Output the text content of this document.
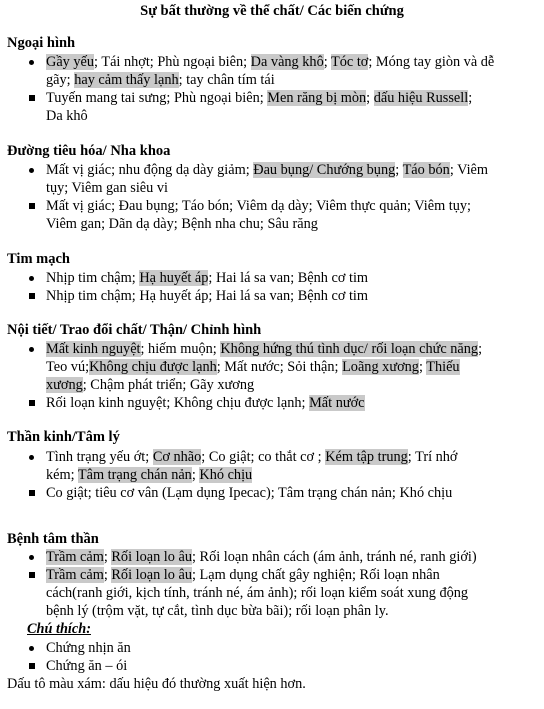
Sự bất thường về thể chất/ Các biến chứng
Ngoại hình
Gầy yếu; Tái nhợt; Phù ngoại biên; Da vàng khô; Tóc tơ; Móng tay giòn và dễ
gãy; hay cảm thấy lạnh; tay chân tím tái
Tuyến mang tai sưng; Phù ngoại biên; Men răng bị mòn; dấu hiệu Russell;
Da khô
Đường tiêu hóa/ Nha khoa
Mất vị giác; nhu động dạ dày giảm; Đau bụng/ Chướng bụng; Táo bón; Viêm
tụy; Viêm gan siêu vi
Mất vị giác; Đau bụng; Táo bón; Viêm dạ dày; Viêm thực quản; Viêm tụy;
Viêm gan; Dãn dạ dày; Bệnh nha chu; Sâu răng
Tim mạch
Nhịp tim chậm; Hạ huyết áp; Hai lá sa van; Bệnh cơ tim
Nhịp tim chậm; Hạ huyết áp; Hai lá sa van; Bệnh cơ tim
Nội tiết/ Trao đổi chất/ Thận/ Chỉnh hình
Mất kinh nguyệt; hiếm muộn; Không hứng thú tình dục/ rối loạn chức năng;
Teo vú;Không chịu được lạnh; Mất nước; Sỏi thận; Loãng xương; Thiếu
xương; Chậm phát triển; Gãy xương
Rối loạn kinh nguyệt; Không chịu được lạnh; Mất nước
Thần kinh/Tâm lý
Tình trạng yếu ớt; Cơ nhão; Co giật; co thắt cơ ; Kém tập trung; Trí nhớ
kém; Tâm trạng chán nản; Khó chịu
Co giật; tiêu cơ vân (Lạm dụng Ipecac); Tâm trạng chán nản; Khó chịu
Bệnh tâm thần
Trầm cảm; Rối loạn lo âu; Rối loạn nhân cách (ám ảnh, tránh né, ranh giới)
Trầm cảm; Rối loạn lo âu; Lạm dụng chất gây nghiện; Rối loạn nhân
cách(ranh giới, kịch tính, tránh né, ám ảnh); rối loạn kiểm soát xung động
bệnh lý (trộm vặt, tự cắt, tình dục bừa bãi); rối loạn phân ly.
Chú thích:
Chứng nhịn ăn
Chứng ăn – ói
Dấu tô màu xám: dấu hiệu đó thường xuất hiện hơn.
